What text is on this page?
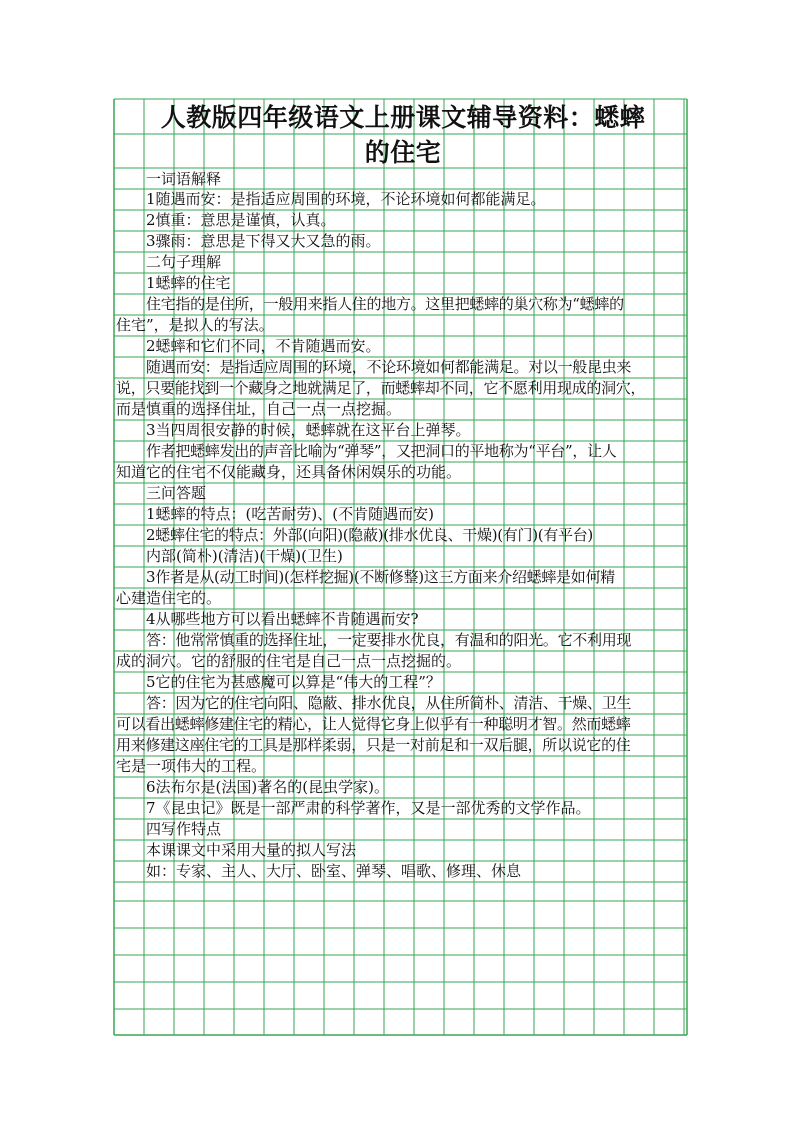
人教版四年级语文上册课文辅导资料：蟋蟀
的住宅
一词语解释
1随遇而安：是指适应周围的环境，不论环境如何都能满足。
2慎重：意思是谨慎，认真。
3骤雨：意思是下得又大又急的雨。
二句子理解
1蟋蟀的住宅
住宅指的是住所，一般用来指人住的地方。这里把蟋蟀的巢穴称为“蟋蟀的
住宅”，是拟人的写法。
2蟋蟀和它们不同，不肯随遇而安。
随遇而安：是指适应周围的环境，不论环境如何都能满足。对以一般昆虫来
说，只要能找到一个藏身之地就满足了，而蟋蟀却不同，它不愿利用现成的洞穴，
而是慎重的选择住址，自己一点一点挖掘。
3当四周很安静的时候，蟋蟀就在这平台上弹琴。
作者把蟋蟀发出的声音比喻为“弹琴”，又把洞口的平地称为“平台”，让人
知道它的住宅不仅能藏身，还具备休闲娱乐的功能。
三问答题
1蟋蟀的特点：(吃苦耐劳)、(不肯随遇而安)
2蟋蟀住宅的特点：外部(向阳)(隐蔽)(排水优良、干燥)(有门)(有平台)
内部(简朴)(清洁)(干燥)(卫生)
3作者是从(动工时间)(怎样挖掘)(不断修整)这三方面来介绍蟋蟀是如何精
心建造住宅的。
4从哪些地方可以看出蟋蟀不肯随遇而安?
答：他常常慎重的选择住址，一定要排水优良，有温和的阳光。它不利用现
成的洞穴。它的舒服的住宅是自己一点一点挖掘的。
5它的住宅为甚感魔可以算是“伟大的工程”？
答：因为它的住宅向阳、隐蔽、排水优良，从住所简朴、清洁、干燥、卫生
可以看出蟋蟀修建住宅的精心，让人觉得它身上似乎有一种聪明才智。然而蟋蟀
用来修建这座住宅的工具是那样柔弱，只是一对前足和一双后腿，所以说它的住
宅是一项伟大的工程。
6法布尔是(法国)著名的(昆虫学家)。
7《昆虫记》既是一部严肃的科学著作，又是一部优秀的文学作品。
四写作特点
本课课文中采用大量的拟人写法
如：专家、主人、大厅、卧室、弹琴、唱歌、修理、休息
